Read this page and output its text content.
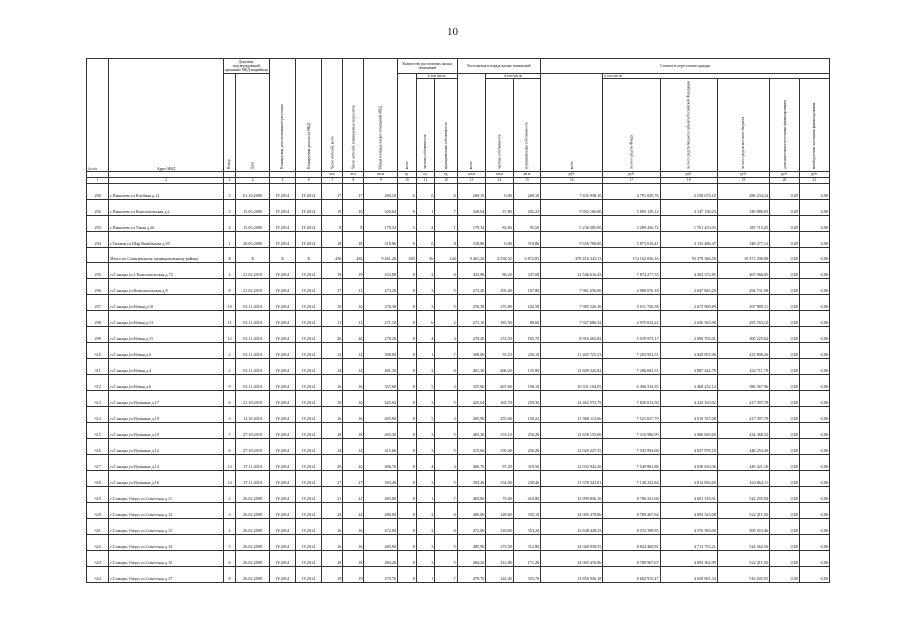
10
№ п/п	Адрес МКД	Документ, подтверждающий признание МКД аварийным		Планируемая дата окончания переселения	Планируемая дата сноса МКД	Число жителей, всего	Число жителей, планируемых переселить	Общая площадь жилых помещений МКД	Количество расселяемых жилых помещений			Расселяемая площадь жилых помещений			Стоимость переселения граждан					
		Номер	Дата						всего	в том числе		всего	в том числе		всего	в том числе				
										частная собственность	муниципальная собственность		частная собственность	муниципальная собственность		за счет средств Фонда	за счет средств бюджета субъекта Российской Федерации	за счет средств местного бюджета	дополнительные источники финансирования	внебюджетные источники финансирования
						чел.	чел.	кв.м	ед.	ед.	ед.	кв.м	кв.м	кв.м	руб.	руб.	руб.	руб.	руб.	руб.
1	2	3	4	5	6	7	8	9	10	11	12	13	14	15	16	17	18	19	20	21
290	г.Пикалево ул.Клубная д.12	5	01.10.2009	IV.2014	IV.2014	17	17	269,10	6	0	6	269,10	0,00	269,10	7 635 938,10	4 791 029,76	2 558 674,10	286 234,24	0,00	0,00
292	г.Пикалево ул.Комсомольская д.2	5	15.05.2009	IV.2014	IV.2014	19	10	320,04	8	1	7	320,04	37,80	282,24	9 392 166,00	5 895 139,12	3 147 138,23	349 888,65	0,00	0,00
293	г.Пикалево ул.Узкая д.26	4	15.05.2009	IV.2014	IV.2014	8	8	179,34	3	2	1	179,34	83,84	95,50	5 236 585,00	3 289 436,72	1 761 433,03	185 715,25	0,00	0,00
294	г.Тихвин ул.Шар.Вымбахова д.95	1	20.05.2009	IV.2014	IV.2014	18	18	318,86	8	0	8	318,86	0,00	318,86	9 356 780,00	5 873 016,41	3 135 486,47	348 277,12	0,00	0,00
	Итого по Сланцевскому муниципальному району	X	X	X	X	436	436	9 461,26	180	36	144	9 461,26	2 538,52	6 872,83	278 416 343,13	174 162 036,16	93 379 366,58	10 371 206,98	0,00	0,00
295	п.Сланцы ул.1 Комсомольская д.75	4	21.02.2010	IV.2014	IV.2014	19	19	433,88	8	2	6	433,88	86,20	347,68	12 546 616,43	7 874 277,53	4 204 372,85	467 966,05	0,00	0,00
296	п.Сланцы ул.Комсомольская д.8	8	21.02.2010	IV.2014	IV.2014	17	11	273,20	8	3	5	273,20	105,40	167,80	7 961 656,00	4 980 076,18	2 647 843,20	294 731,58	0,00	0,00
297	п.Сланцы ул.Новая д.10	10	03.11.2010	IV.2014	IV.2014	10	10	276,38	8	3	5	276,38	173,80	102,58	7 985 526,30	5 011 726,58	2 675 909,89	297 889,11	0,00	0,00
298	п.Сланцы ул.Новая д.13	11	03.11.2010	IV.2014	IV.2014	11	11	271,10	8	6	2	271,10	183,50	88,60	7 927 686,32	4 975 632,22	2 656 565,98	295 763,12	0,00	0,00
299	п.Сланцы ул.Новая д.15	12	03.11.2010	IV.2014	IV.2014	26	26	278,20	8	4	4	278,20	172,50	105,70	8 016 263,82	5 039 975,17	2 690 703,01	300 225,64	0,00	0,00
310	п.Сланцы ул.Новая д.2	2	03.11.2010	IV.2014	IV.2014	12	12	308,00	8	1	7	308,00	55,10	256,10	11 405 725,33	7 203 952,51	3 845 851,06	433 808,26	0,00	0,00
311	п.Сланцы ул.Новая д.4	2	03.11.2010	IV.2014	IV.2014	14	14	401,30	8	2	6	401,30	266,20	135,90	11 609 343,82	7 286 693,51	3 887 444,78	432 711,79	0,00	0,00
312	п.Сланцы ул.Новая д.6	9	03.11.2010	IV.2014	IV.2014	16	16	357,60	8	5	3	357,60	267,60	190,10	10 331 104,05	6 496 534,35	3 468 232,14	386 367,96	0,00	0,00
313	п.Сланцы ул.Пушкина д.17	6	21.10.2010	IV.2014	IV.2014	10	10	425,04	8	3	5	425,04	165,70	259,30	12 462 573,79	7 820 013,50	4 222 163,02	417 397,78	0,00	0,00
314	п.Сланцы ул.Пушкина д.19	3	11.10.2010	IV.2014	IV.2014	16	16	405,90	8	5	3	405,90	255,68	150,22	11 968 112,66	7 521 637,79	4 019 337,08	417 397,79	0,00	0,00
315	п.Сланцы ул.Пушкина д.10	7	27.10.2010	IV.2014	IV.2014	18	18	403,36	8	3	5	403,36	153,10	250,26	11 658 155,00	7 316 996,99	3 906 829,69	434 368,32	0,00	0,00
316	п.Сланцы ул.Пушкина д.12	6	27.10.2010	IV.2014	IV.2014	14	14	415,66	8	3	5	415,66	159,40	256,26	12 020 227,35	7 543 994,68	4 027 978,18	448 254,49	0,00	0,00
317	п.Сланцы ул.Пушкина д.14	13	17.11.2010	IV.2014	IV.2014	20	20	406,76	8	4	4	406,76	97,20	319,56	12 032 942,20	7 549 881,88	4 038 639,36	449 421,16	0,00	0,00
318	п.Сланцы ул.Пушкина д.16	14	17.11.2010	IV.2014	IV.2014	27	27	393,46	8	3	5	393,46	154,00	239,46	11 378 343,01	7 140 232,84	3 812 856,69	424 864,11	0,00	0,00
319	г.Сланцы, Озеро ул.Советская д.11	2	26.02.2009	IV.2014	IV.2014	21	21	483,80	8	1	7	483,80	73,00	410,80	13 999 836,10	8 786 331,68	4 691 316,91	522 295,94	0,00	0,00
320	г.Сланцы, Озеро ул.Советская д.12	3	26.02.2009	IV.2014	IV.2014	24	24	480,00	8	2	6	480,00	128,60	355,10	14 005 478,86	8 789 267,94	4 693 323,08	522 411,92	0,00	0,00
321	г.Сланцы, Озеро ул.Советская д.13	4	26.02.2009	IV.2014	IV.2014	16	16	472,00	8	2	6	472,00	118,80	353,20	13 638 428,33	8 572 398,85	4 576 583,00	509 453,46	0,00	0,00
322	г.Сланцы, Озеро ул.Советская д.14	5	26.02.2009	IV.2014	IV.2014	16	16	485,90	8	3	5	485,90	173,50	312,80	14 040 958,55	8 824 460,92	4 713 733,21	524 462,56	0,00	0,00
323	г.Сланцы, Озеро ул.Советская д.15	6	26.02.2009	IV.2014	IV.2014	18	18	484,26	8	3	5	484,26	312,80	171,26	14 065 476,86	8 789 967,67	4 693 302,99	522 411,92	0,00	0,00
324	г.Сланцы, Озеро ул.Советская д.17	8	26.02.2009	IV.2014	IV.2014	19	19	479,76	8	1	7	479,76	122,40	355,70	13 856 946,18	8 682 915,47	4 659 901,34	516 045,95	0,00	0,00
